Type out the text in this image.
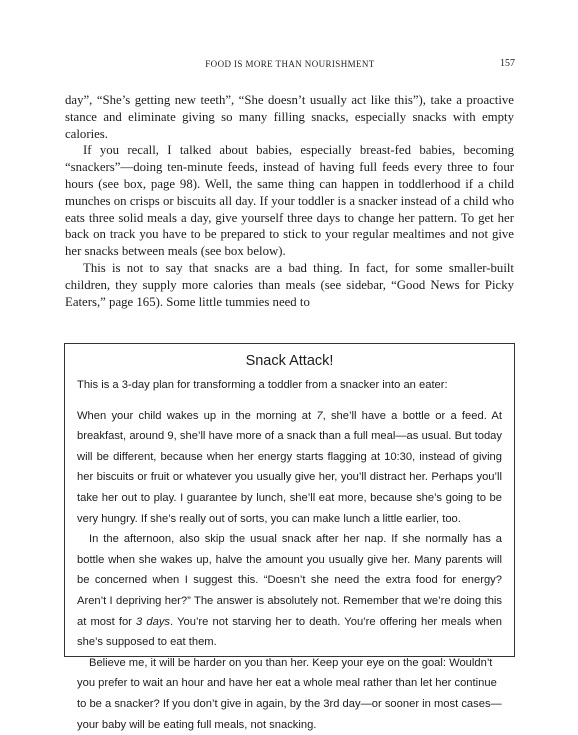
FOOD IS MORE THAN NOURISHMENT	157

day”, “She’s getting new teeth”, “She doesn’t usually act like this”), take a proactive stance and eliminate giving so many filling snacks, especially snacks with empty calories.

If you recall, I talked about babies, especially breast-fed babies, becoming “snackers”—doing ten-minute feeds, instead of having full feeds every three to four hours (see box, page 98). Well, the same thing can happen in toddlerhood if a child munches on crisps or biscuits all day. If your toddler is a snacker instead of a child who eats three solid meals a day, give yourself three days to change her pattern. To get her back on track you have to be prepared to stick to your regular mealtimes and not give her snacks between meals (see box below).

This is not to say that snacks are a bad thing. In fact, for some smaller-built children, they supply more calories than meals (see sidebar, “Good News for Picky Eaters,” page 165). Some little tummies need to

Snack Attack!

This is a 3-day plan for transforming a toddler from a snacker into an eater:

When your child wakes up in the morning at 7, she’ll have a bottle or a feed. At breakfast, around 9, she’ll have more of a snack than a full meal—as usual. But today will be different, because when her energy starts flagging at 10:30, instead of giving her biscuits or fruit or whatever you usually give her, you’ll distract her. Perhaps you’ll take her out to play. I guarantee by lunch, she’ll eat more, because she’s going to be very hungry. If she’s really out of sorts, you can make lunch a little earlier, too.

In the afternoon, also skip the usual snack after her nap. If she normally has a bottle when she wakes up, halve the amount you usually give her. Many parents will be concerned when I suggest this. “Doesn’t she need the extra food for energy? Aren’t I depriving her?” The answer is absolutely not. Remember that we’re doing this at most for 3 days. You’re not starving her to death. You’re offering her meals when she’s supposed to eat them.

Believe me, it will be harder on you than her. Keep your eye on the goal: Wouldn’t you prefer to wait an hour and have her eat a whole meal rather than let her continue to be a snacker? If you don’t give in again, by the 3rd day—or sooner in most cases—your baby will be eating full meals, not snacking.
